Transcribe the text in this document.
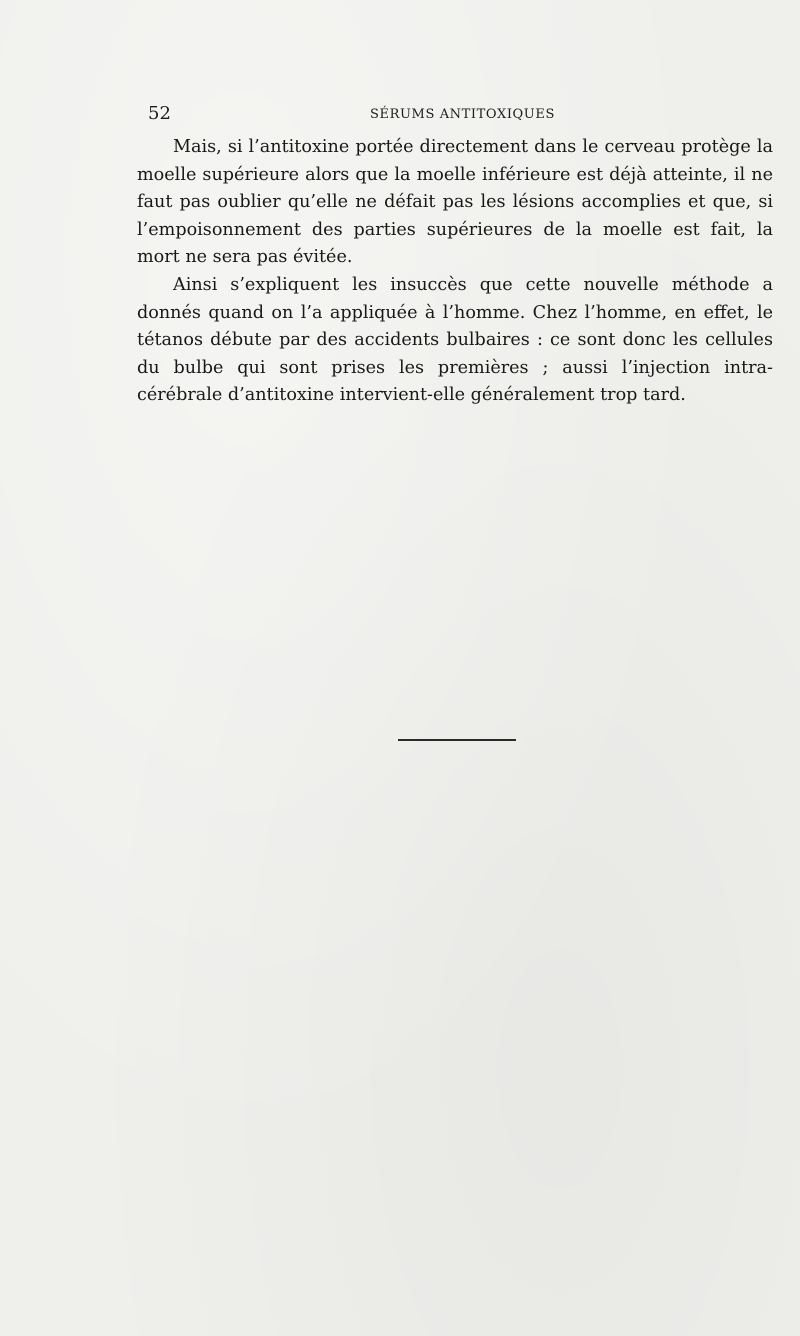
52	SÉRUMS ANTITOXIQUES

Mais, si l’antitoxine portée directement dans le cerveau protège la moelle supérieure alors que la moelle inférieure est déjà atteinte, il ne faut pas oublier qu’elle ne défait pas les lésions accomplies et que, si l’empoisonnement des parties supérieures de la moelle est fait, la mort ne sera pas évitée.

Ainsi s’expliquent les insuccès que cette nouvelle méthode a donnés quand on l’a appliquée à l’homme. Chez l’homme, en effet, le tétanos débute par des accidents bulbaires : ce sont donc les cellules du bulbe qui sont prises les premières ; aussi l’injection intra-cérébrale d’antitoxine intervient-elle généralement trop tard.
